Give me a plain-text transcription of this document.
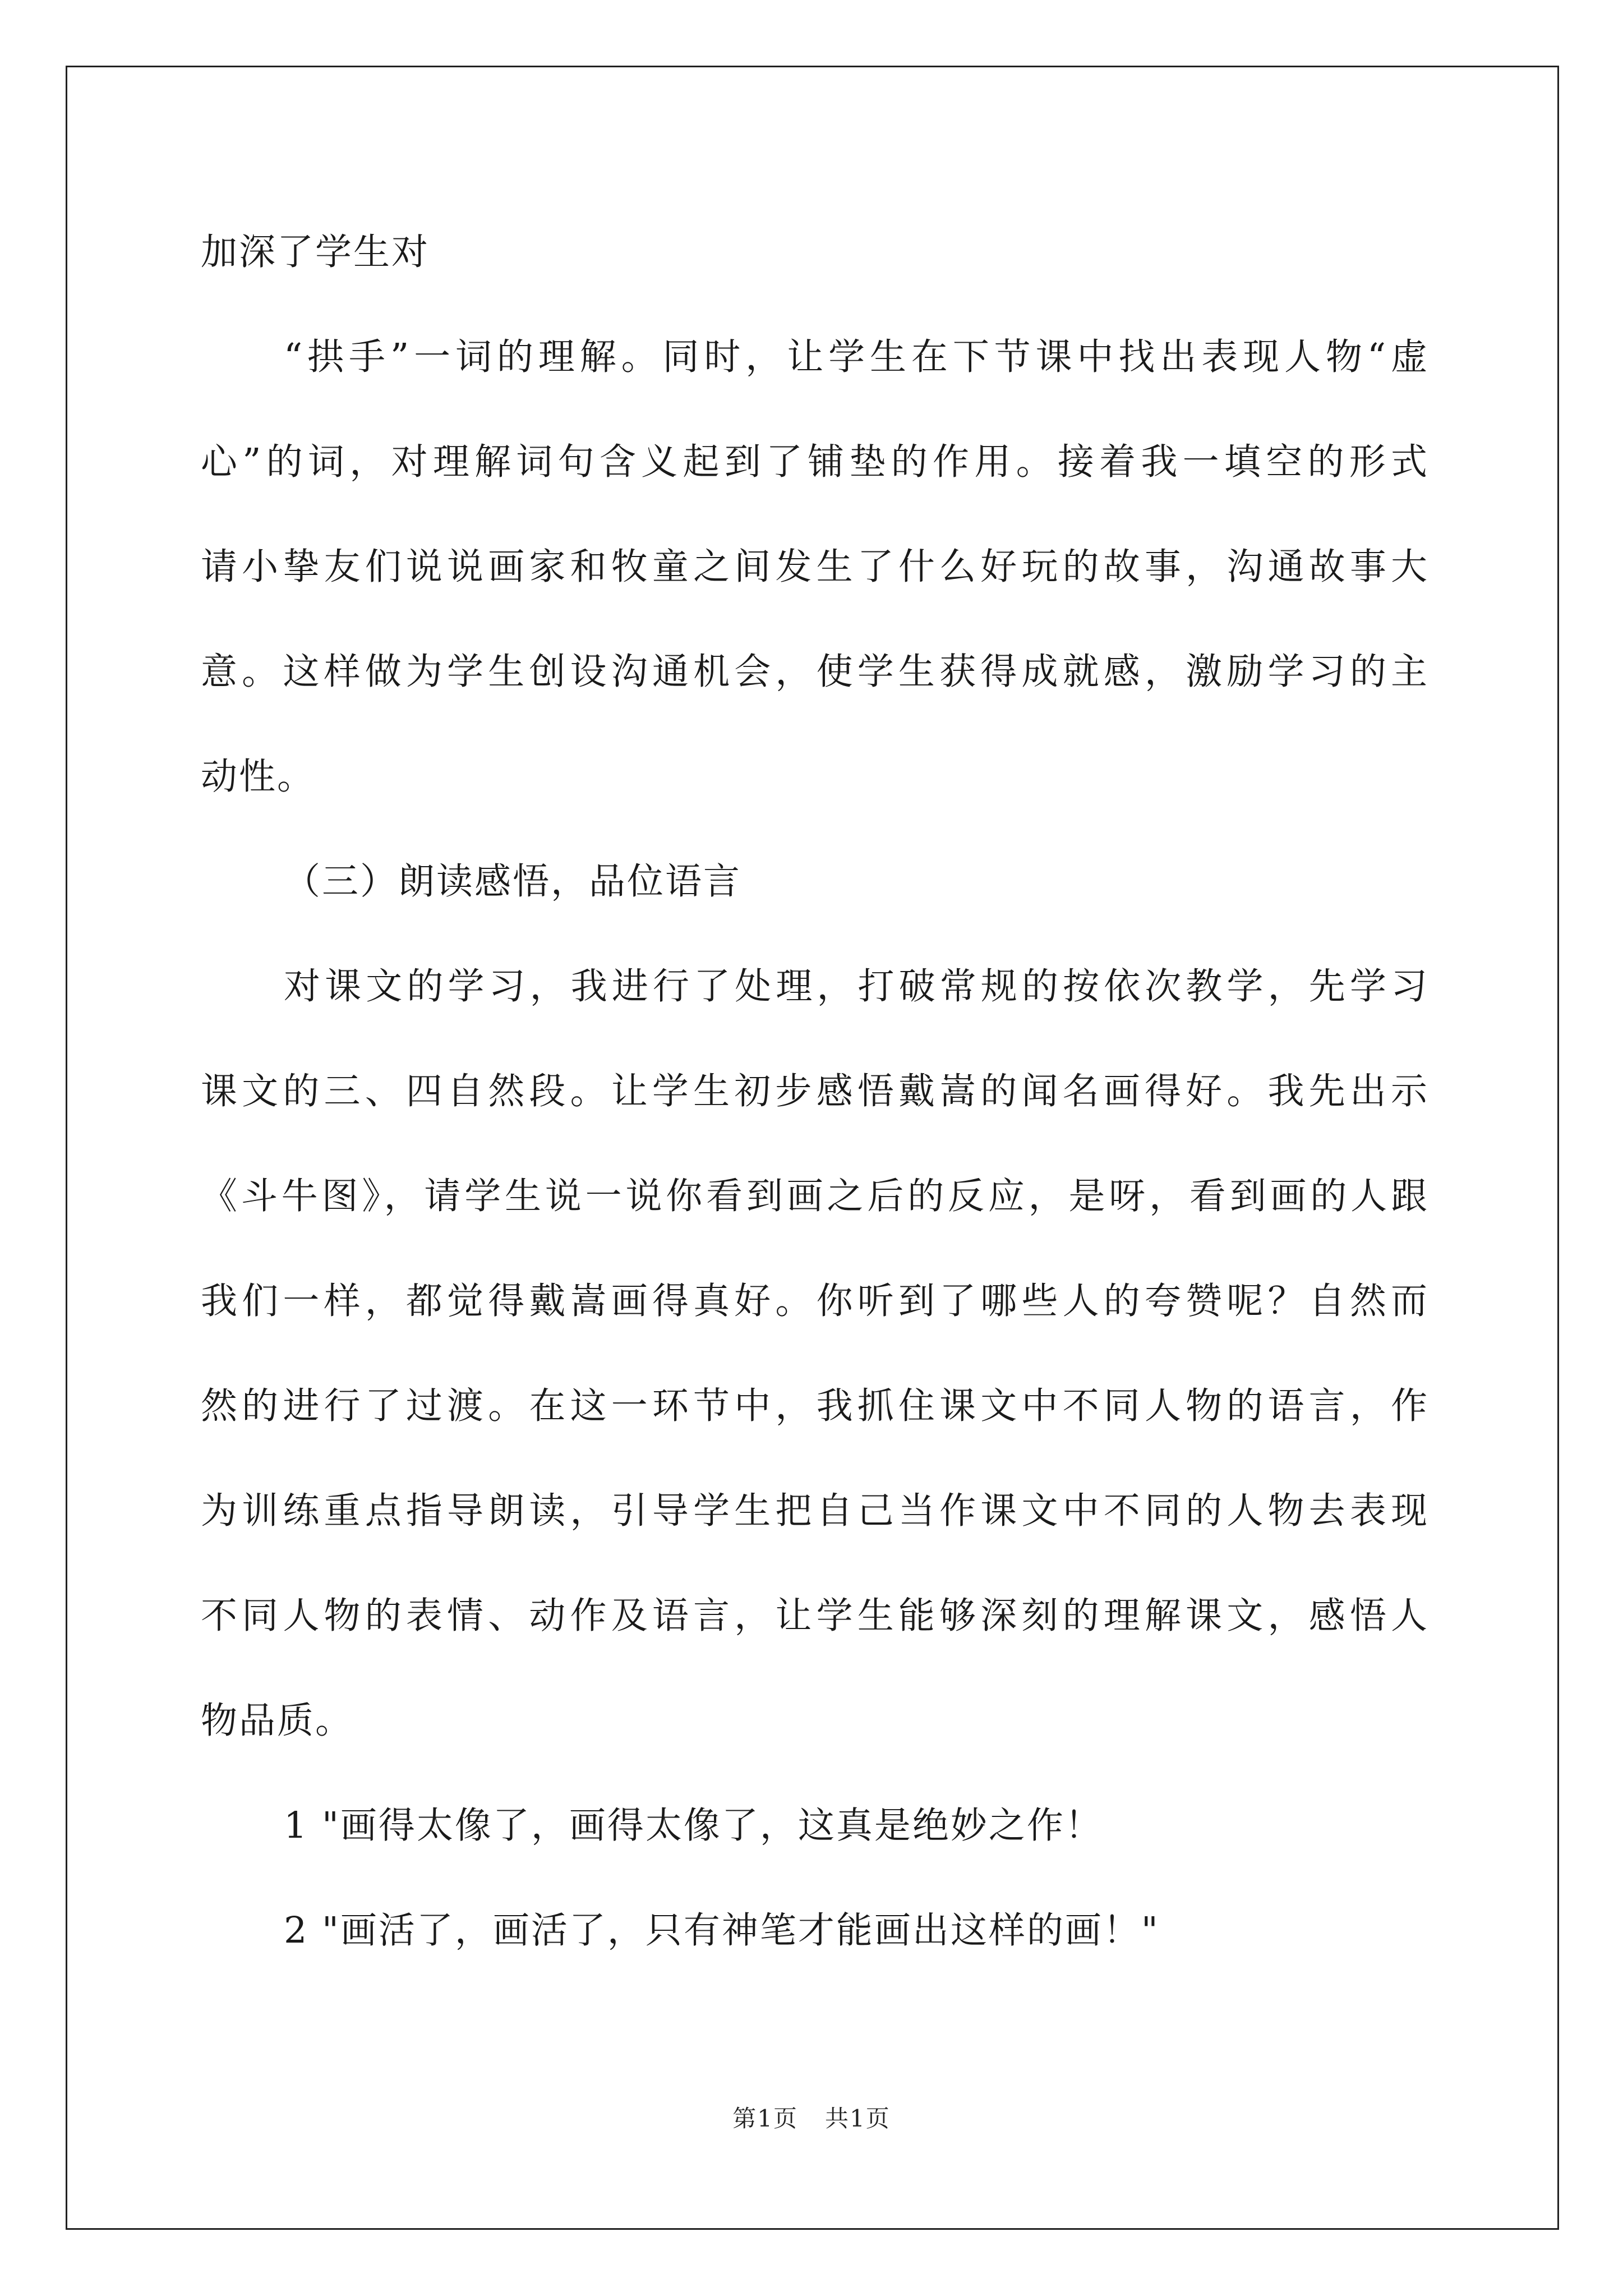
加深了学生对
“拱手”一词的理解。同时，让学生在下节课中找出表现人物“虚
心”的词，对理解词句含义起到了铺垫的作用。接着我一填空的形式
请小挚友们说说画家和牧童之间发生了什么好玩的故事，沟通故事大
意。这样做为学生创设沟通机会，使学生获得成就感，激励学习的主
动性。
（三）朗读感悟，品位语言
对课文的学习，我进行了处理，打破常规的按依次教学，先学习
课文的三、四自然段。让学生初步感悟戴嵩的闻名画得好。我先出示
《斗牛图》，请学生说一说你看到画之后的反应，是呀，看到画的人跟
我们一样，都觉得戴嵩画得真好。你听到了哪些人的夸赞呢？自然而
然的进行了过渡。在这一环节中，我抓住课文中不同人物的语言，作
为训练重点指导朗读，引导学生把自己当作课文中不同的人物去表现
不同人物的表情、动作及语言，让学生能够深刻的理解课文，感悟人
物品质。
1 "画得太像了，画得太像了，这真是绝妙之作！
2 "画活了，画活了，只有神笔才能画出这样的画！"
第1页 共1页
